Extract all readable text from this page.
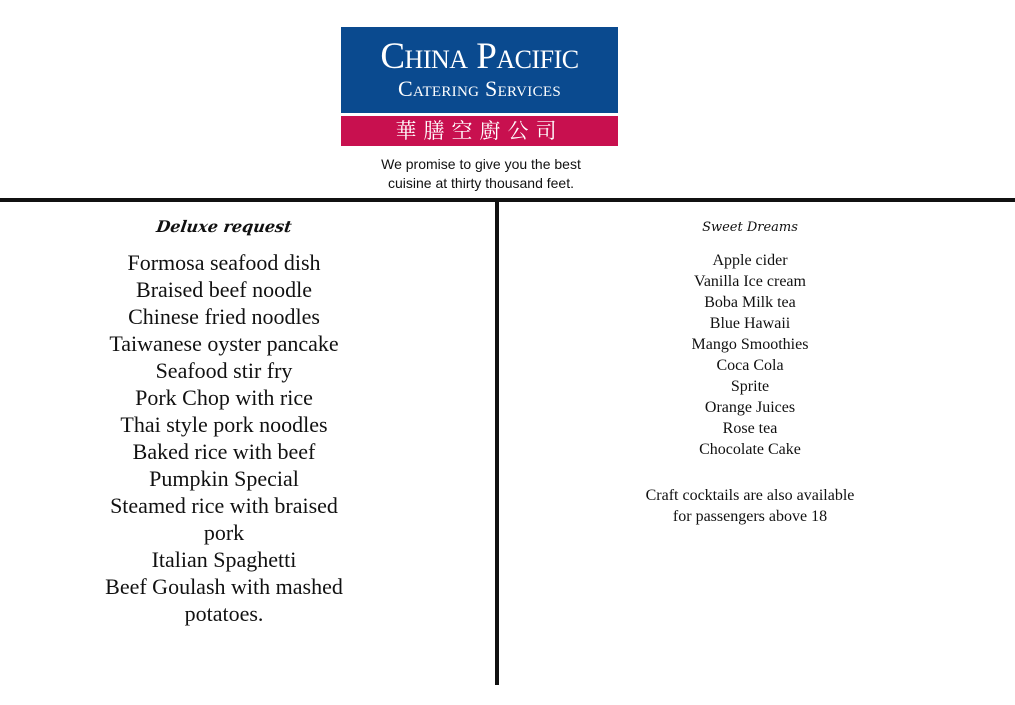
China Pacific
Catering Services
華膳空廚公司
We promise to give you the best
cuisine at thirty thousand feet.
Deluxe request
Formosa seafood dish
Braised beef noodle
Chinese fried noodles
Taiwanese oyster pancake
Seafood stir fry
Pork Chop with rice
Thai style pork noodles
Baked rice with beef
Pumpkin Special
Steamed rice with braised
pork
Italian Spaghetti
Beef Goulash with mashed
potatoes.
Sweet Dreams
Apple cider
Vanilla Ice cream
Boba Milk tea
Blue Hawaii
Mango Smoothies
Coca Cola
Sprite
Orange Juices
Rose tea
Chocolate Cake
Craft cocktails are also available
for passengers above 18
